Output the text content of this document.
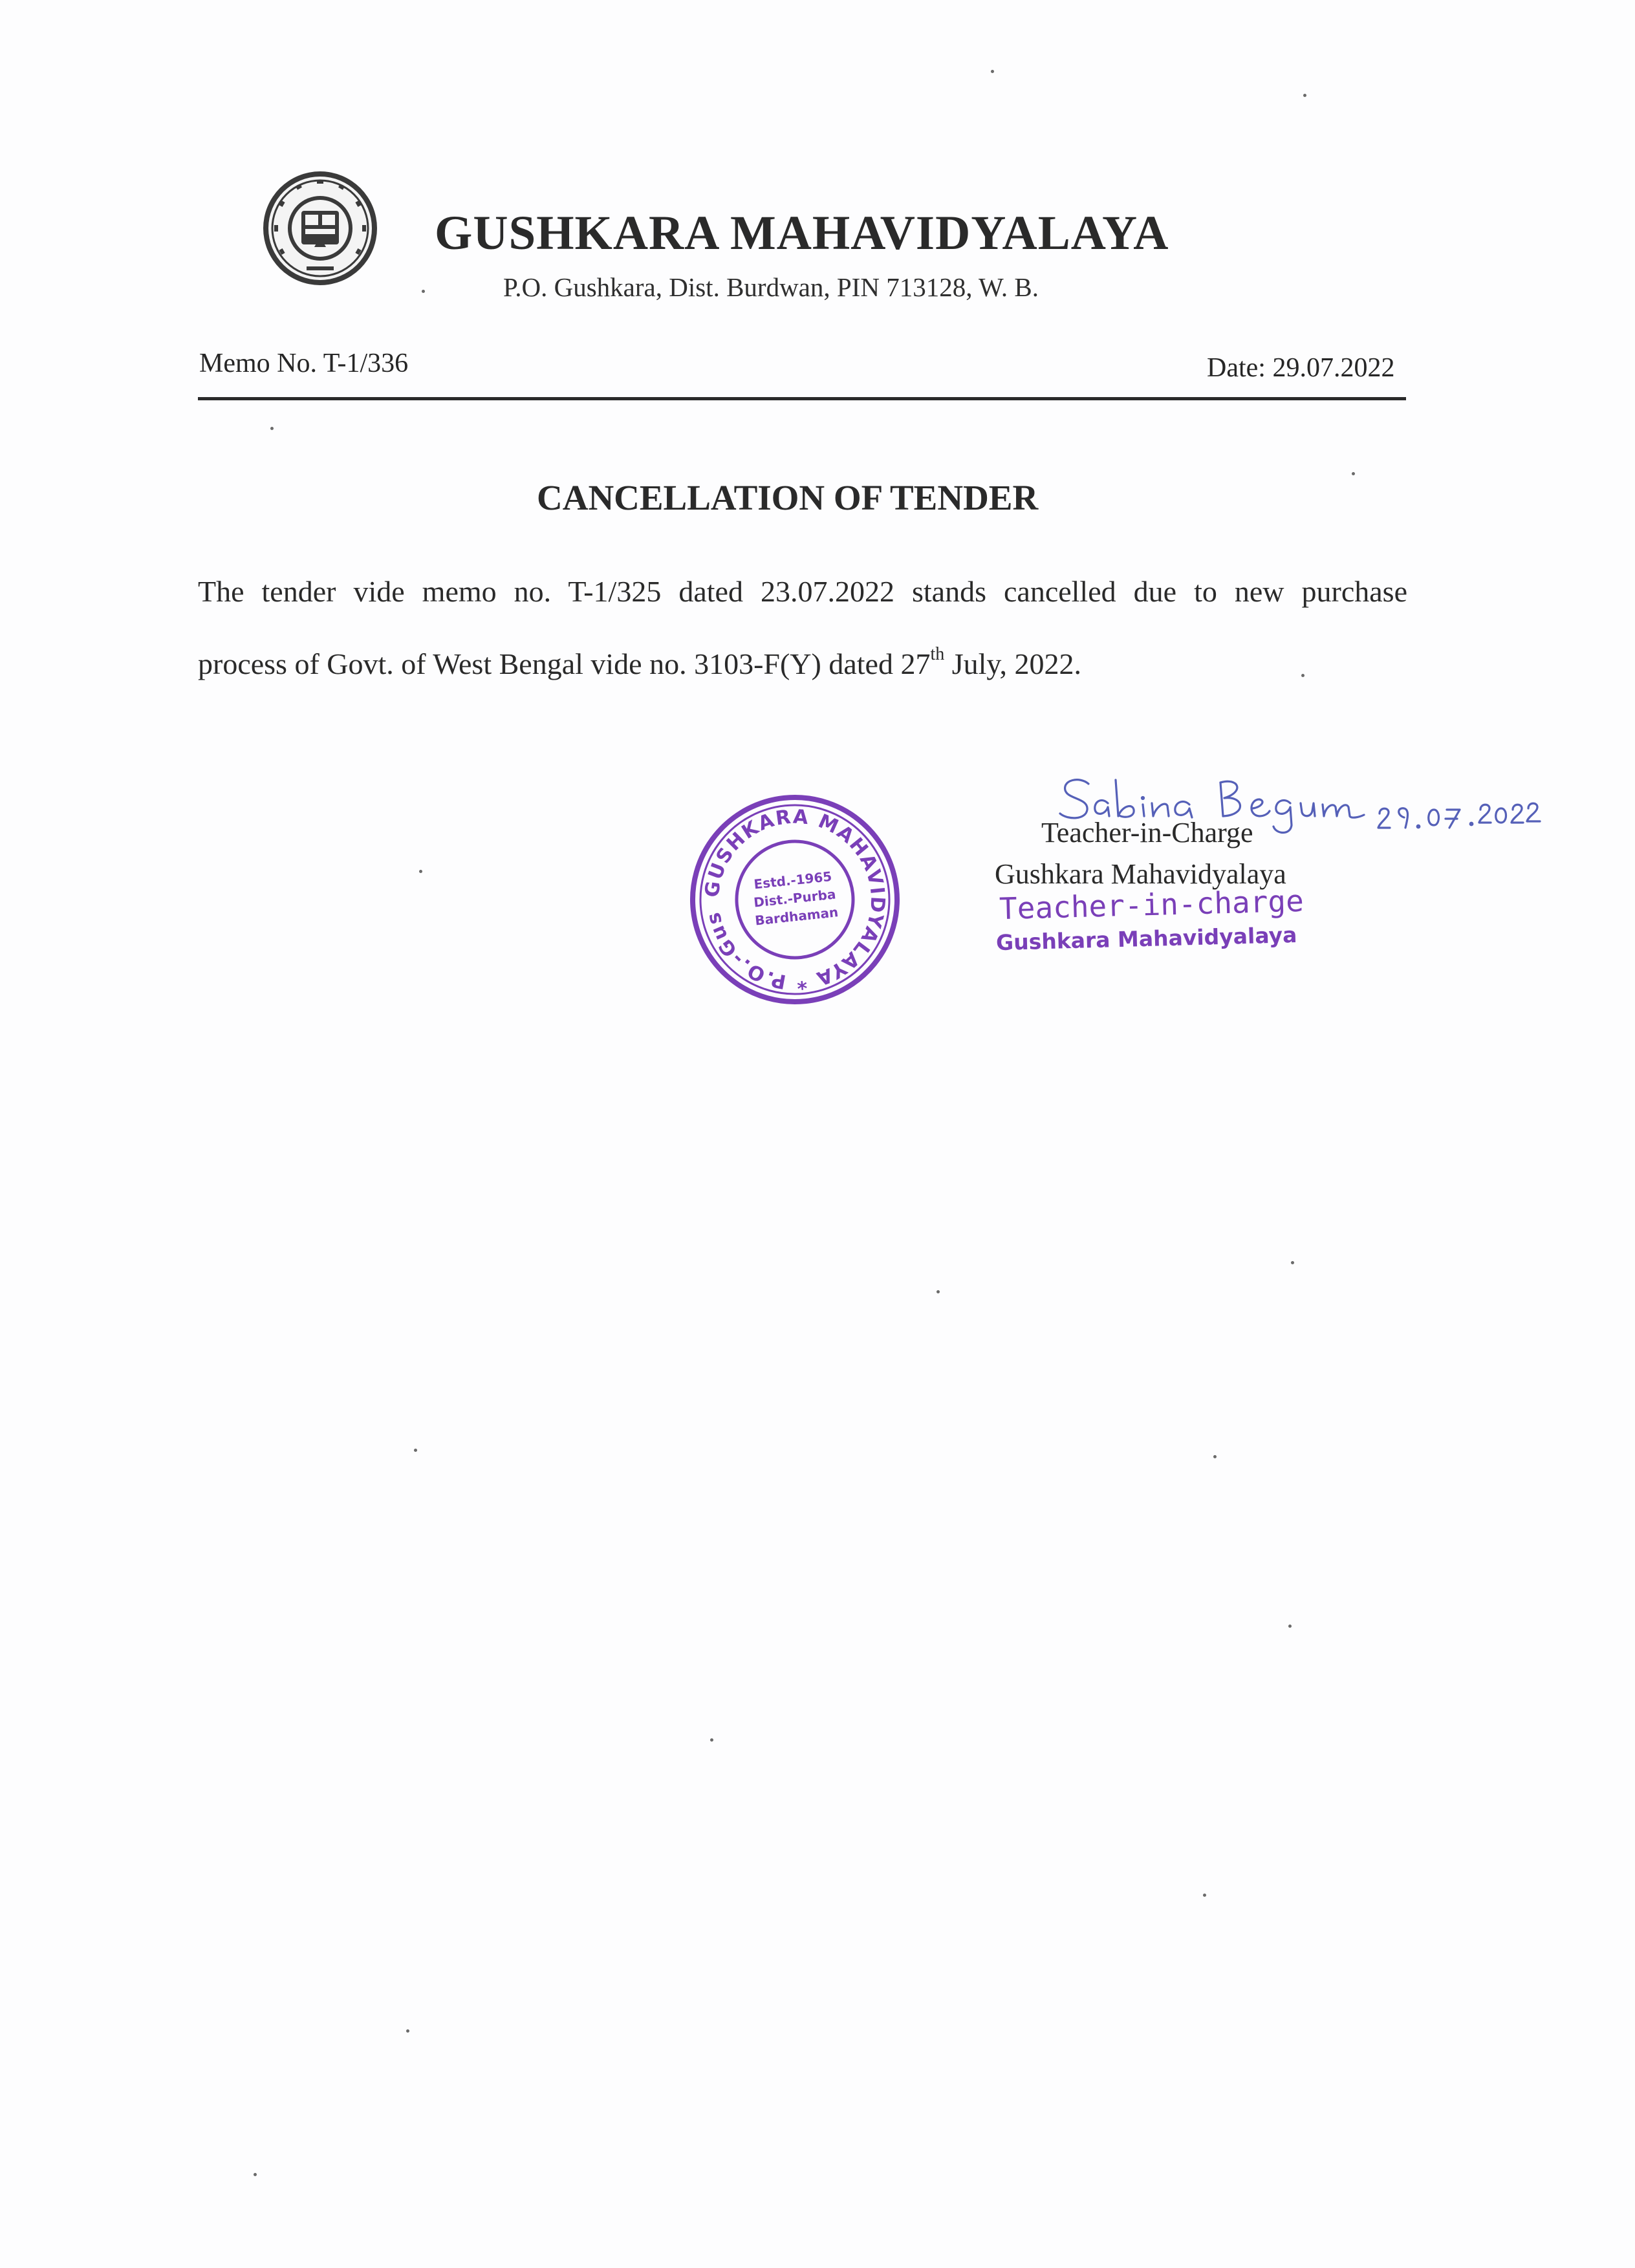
GUSHKARA MAHAVIDYALAYA
P.O. Gushkara, Dist. Burdwan, PIN 713128, W. B.
Memo No. T-1/336	Date: 29.07.2022
CANCELLATION OF TENDER
The tender vide memo no. T-1/325 dated 23.07.2022 stands cancelled due to new purchase
process of Govt. of West Bengal vide no. 3103-F(Y) dated 27th July, 2022.
GUSHKARA MAHAVIDYALAYA * P.O.-Gushkara
Estd.-1965
Dist.-Purba
Bardhaman
Teacher-in-Charge
Gushkara Mahavidyalaya
Teacher-in-charge
Gushkara Mahavidyalaya
